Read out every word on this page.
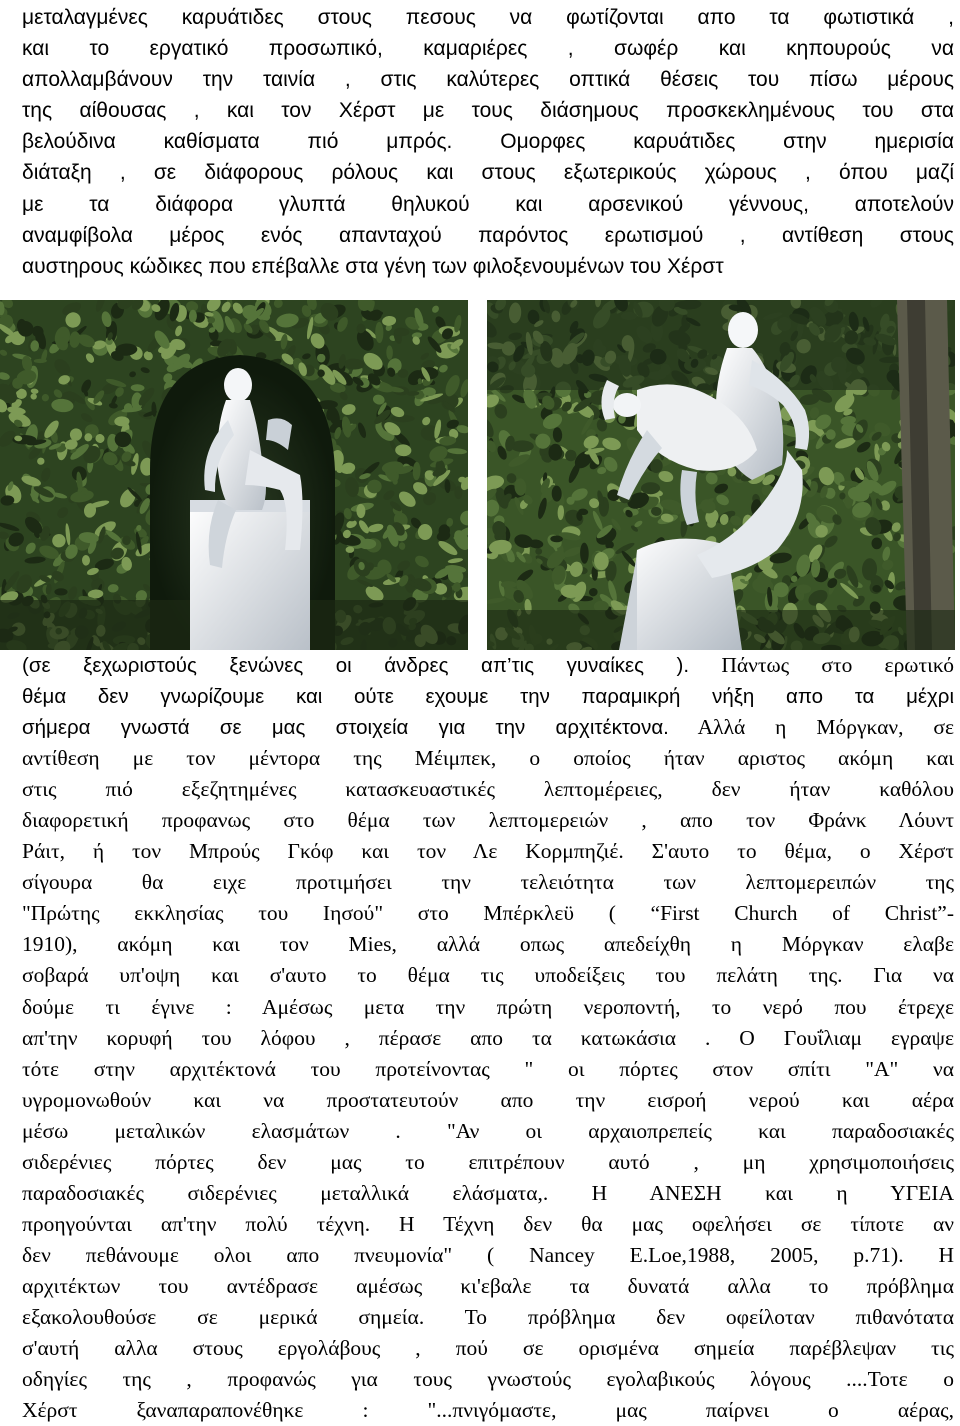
μεταλαγμένες καρυάτιδες στους πεσους να φωτίζονται απο τα φωτιστικά ,
και το εργατικό προσωπικό, καμαριέρες , σωφέρ και κηπουρούς να
απολλαμβάνουν την ταινία , στις καλύτερες οπτικά θέσεις του πίσω μέρους
της αίθουσας , και τον Χέρστ με τους διάσημους προσκεκλημένους του στα
βελούδινα καθίσματα πιό μπρός. Ομορφες καρυάτιδες στην ημερισία
διάταξη , σε διάφορους ρόλους και στους εξωτερικούς χώρους , όπου μαζί
με τα διάφορα γλυπτά θηλυκού και αρσενικού γέννους, αποτελούν
αναμφίβολα μέρος ενός απανταχού παρόντος ερωτισμού , αντίθεση στους
αυστηρους κώδικες που επέβαλλε στα γένη των φιλοξενουμένων του Χέρστ
(σε ξεχωριστούς ξενώνες οι άνδρες απ’τις γυναίκες ). Πάντως στο ερωτικό
θέμα δεν γνωρίζουμε και ούτε εχουμε την παραμικρή νήξη απο τα μέχρι
σήμερα γνωστά σε μας στοιχεία για την αρχιτέκτονα. Αλλά η Μόργκαν, σε
αντίθεση με τον μέντορα της Μέιμπεκ, ο οποίος ήταν αριστος ακόμη και
στις πιό εξεζητημένες κατασκευαστικές λεπτομέρειες, δεν ήταν καθόλου
διαφορετική προφανως στο θέμα των λεπτομερειών , απο τον Φράνκ Λόυντ
Ράιτ, ή τον Μπρούς Γκόφ και τον Λε Κορμπηζιέ. Σ'αυτο το θέμα, ο Χέρστ
σίγουρα θα ειχε προτιμήσει την τελειότητα των λεπτομερειπών της
"Πρώτης εκκλησίας του Ιησού" στο Μπέρκλεϋ ( “First Church of Christ”-
1910), ακόμη και τον Mies, αλλά οπως απεδείχθη η Μόργκαν ελαβε
σοβαρά υπ'οψη και σ'αυτο το θέμα τις υποδείξεις του πελάτη της. Για να
δούμε τι έγινε : Αμέσως μετα την πρώτη νεροποντή, το νερό που έτρεχε
απ'την κορυφή του λόφου , πέρασε απο τα κατωκάσια . Ο Γουΐλιαμ εγραψε
τότε στην αρχιτέκτονά του προτείνοντας " οι πόρτες στον σπίτι "Α" να
υγρομονωθούν και να προστατευτούν απο την εισροή νερού και αέρα
μέσω μεταλικών ελασμάτων . "Αν οι αρχαιοπρεπείς και παραδοσιακές
σιδερένιες πόρτες δεν μας το επιτρέπουν αυτό , μη χρησιμοποιήσεις
παραδοσιακές σιδερένιες μεταλλικά ελάσματα,. Η ΑΝΕΣΗ και η ΥΓΕΙΑ
προηγούνται απ'την πολύ τέχνη. Η Τέχνη δεν θα μας οφελήσει σε τίποτε αν
δεν πεθάνουμε ολοι απο πνευμονία" ( Nancey E.Loe,1988, 2005, p.71). Η
αρχιτέκτων του αντέδρασε αμέσως κι'εβαλε τα δυνατά αλλα το πρόβλημα
εξακολουθούσε σε μερικά σημεία. Το πρόβλημα δεν οφείλοταν πιθανότατα
σ'αυτή αλλα στους εργολάβους , πού σε ορισμένα σημεία παρέβλεψαν τις
οδηγίες της , προφανώς για τους γνωστούς εγολαβικούς λόγους ....Τοτε ο
Χέρστ ξαναπαραπονέθηκε : "...πνιγόμαστε, μας παίρνει ο αέρας,
